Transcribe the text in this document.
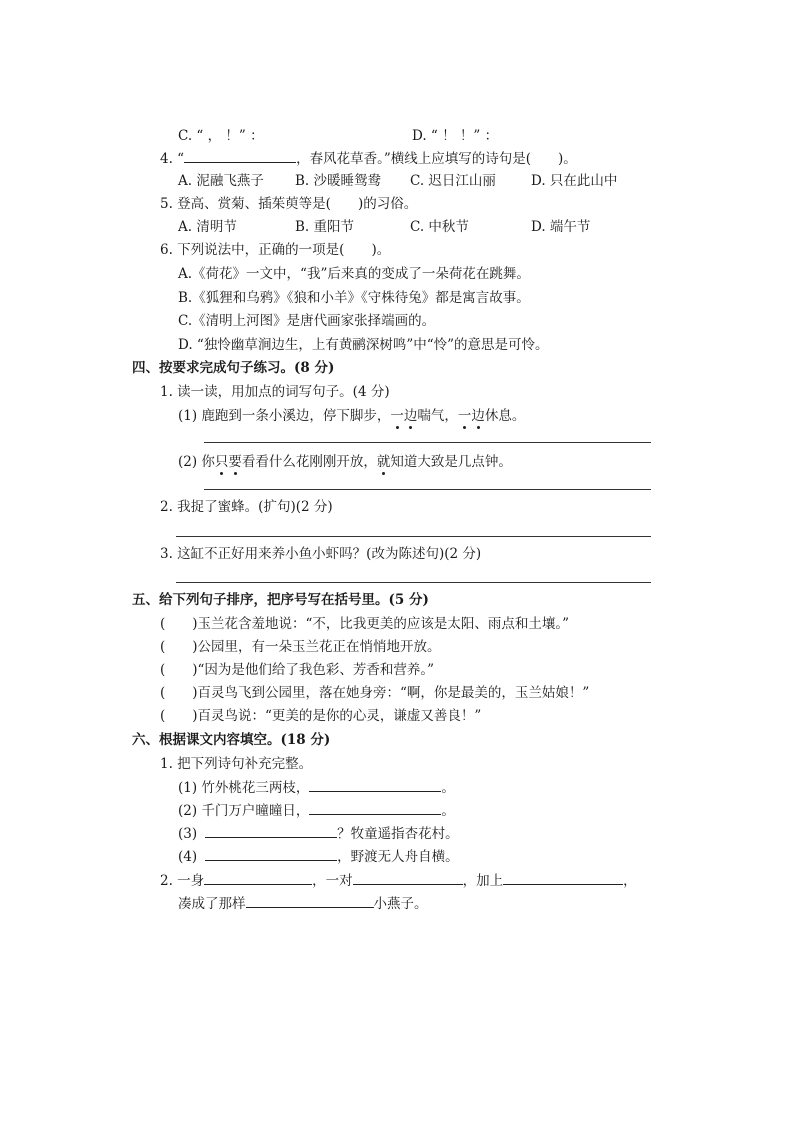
C. “ ， ！” ：	D. “ ！ ！” ：
4. “	，春风花草香。”横线上应填写的诗句是(　　)。
A. 泥融飞燕子 B. 沙暖睡鸳鸯 C. 迟日江山丽	D. 只在此山中
5. 登高、赏菊、插茱萸等是(　　)的习俗。
A. 清明节	B. 重阳节	C. 中秋节	D. 端午节
6. 下列说法中，正确的一项是(　　)。
A.《荷花》一文中，“我”后来真的变成了一朵荷花在跳舞。
B.《狐狸和乌鸦》《狼和小羊》《守株待兔》都是寓言故事。
C.《清明上河图》是唐代画家张择端画的。
D. “独怜幽草涧边生，上有黄鹂深树鸣”中“怜”的意思是可怜。
四、按要求完成句子练习。(8 分)
1. 读一读，用加点的词写句子。(4 分)
(1) 鹿跑到一条小溪边，停下脚步，一边喘气，一边休息。
(2) 你只要看看什么花刚刚开放，就知道大致是几点钟。
2. 我捉了蜜蜂。(扩句)(2 分)
3. 这缸不正好用来养小鱼小虾吗？(改为陈述句)(2 分)
五、给下列句子排序，把序号写在括号里。(5 分)
(　　)玉兰花含羞地说：“不，比我更美的应该是太阳、雨点和土壤。”
(　　)公园里，有一朵玉兰花正在悄悄地开放。
(　　)“因为是他们给了我色彩、芳香和营养。”
(　　)百灵鸟飞到公园里，落在她身旁：“啊，你是最美的，玉兰姑娘！”
(　　)百灵鸟说：“更美的是你的心灵，谦虚又善良！”
六、根据课文内容填空。(18 分)
1. 把下列诗句补充完整。
(1) 竹外桃花三两枝，	。
(2) 千门万户曈曈日，	。
(3)	？牧童遥指杏花村。
(4)	，野渡无人舟自横。
2. 一身	，一对	，加上	，
凑成了那样	小燕子。
